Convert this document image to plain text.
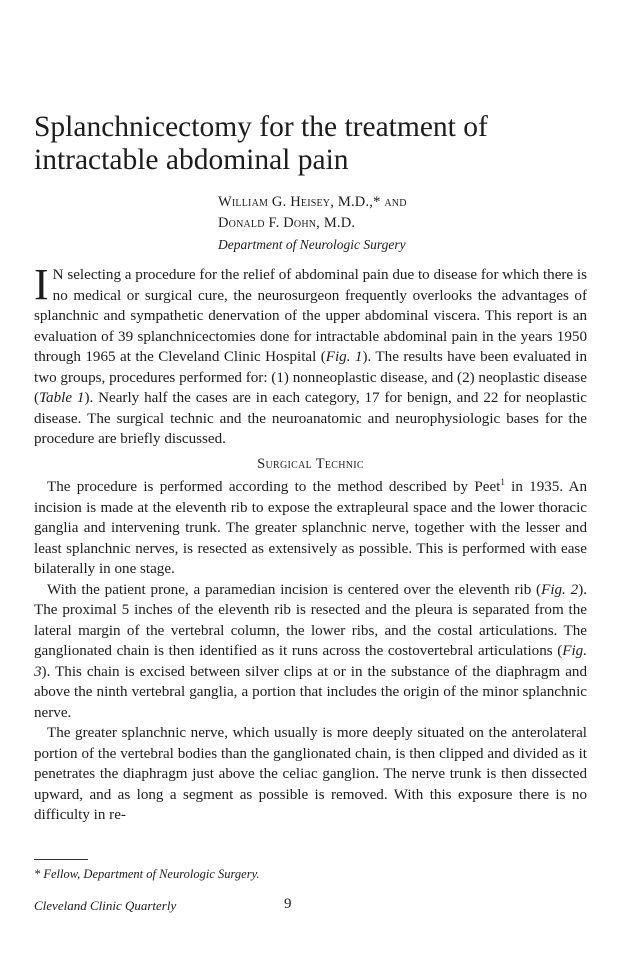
Splanchnicectomy for the treatment of intractable abdominal pain
William G. Heisey, M.D.,* and
Donald F. Dohn, M.D.
Department of Neurologic Surgery

I N selecting a procedure for the relief of abdominal pain due to disease for which there is no medical or surgical cure, the neurosurgeon frequently overlooks the advantages of splanchnic and sympathetic denervation of the upper abdominal viscera. This report is an evaluation of 39 splanchnicectomies done for intractable abdominal pain in the years 1950 through 1965 at the Cleveland Clinic Hospital (Fig. 1). The results have been evaluated in two groups, procedures performed for: (1) nonneoplastic disease, and (2) neoplastic disease (Table 1). Nearly half the cases are in each category, 17 for benign, and 22 for neoplastic disease. The surgical technic and the neuroanatomic and neurophysiologic bases for the procedure are briefly discussed.

Surgical Technic

The procedure is performed according to the method described by Peet$^1$ in 1935. An incision is made at the eleventh rib to expose the extrapleural space and the lower thoracic ganglia and intervening trunk. The greater splanchnic nerve, together with the lesser and least splanchnic nerves, is resected as extensively as possible. This is performed with ease bilaterally in one stage.

With the patient prone, a paramedian incision is centered over the eleventh rib (Fig. 2). The proximal 5 inches of the eleventh rib is resected and the pleura is separated from the lateral margin of the vertebral column, the lower ribs, and the costal articulations. The ganglionated chain is then identified as it runs across the costovertebral articulations (Fig. 3). This chain is excised between silver clips at or in the substance of the diaphragm and above the ninth vertebral ganglia, a portion that includes the origin of the minor splanchnic nerve.

The greater splanchnic nerve, which usually is more deeply situated on the anterolateral portion of the vertebral bodies than the ganglionated chain, is then clipped and divided as it penetrates the diaphragm just above the celiac ganglion. The nerve trunk is then dissected upward, and as long a segment as possible is removed. With this exposure there is no difficulty in re-

* Fellow, Department of Neurologic Surgery.
Cleveland Clinic Quarterly	9
